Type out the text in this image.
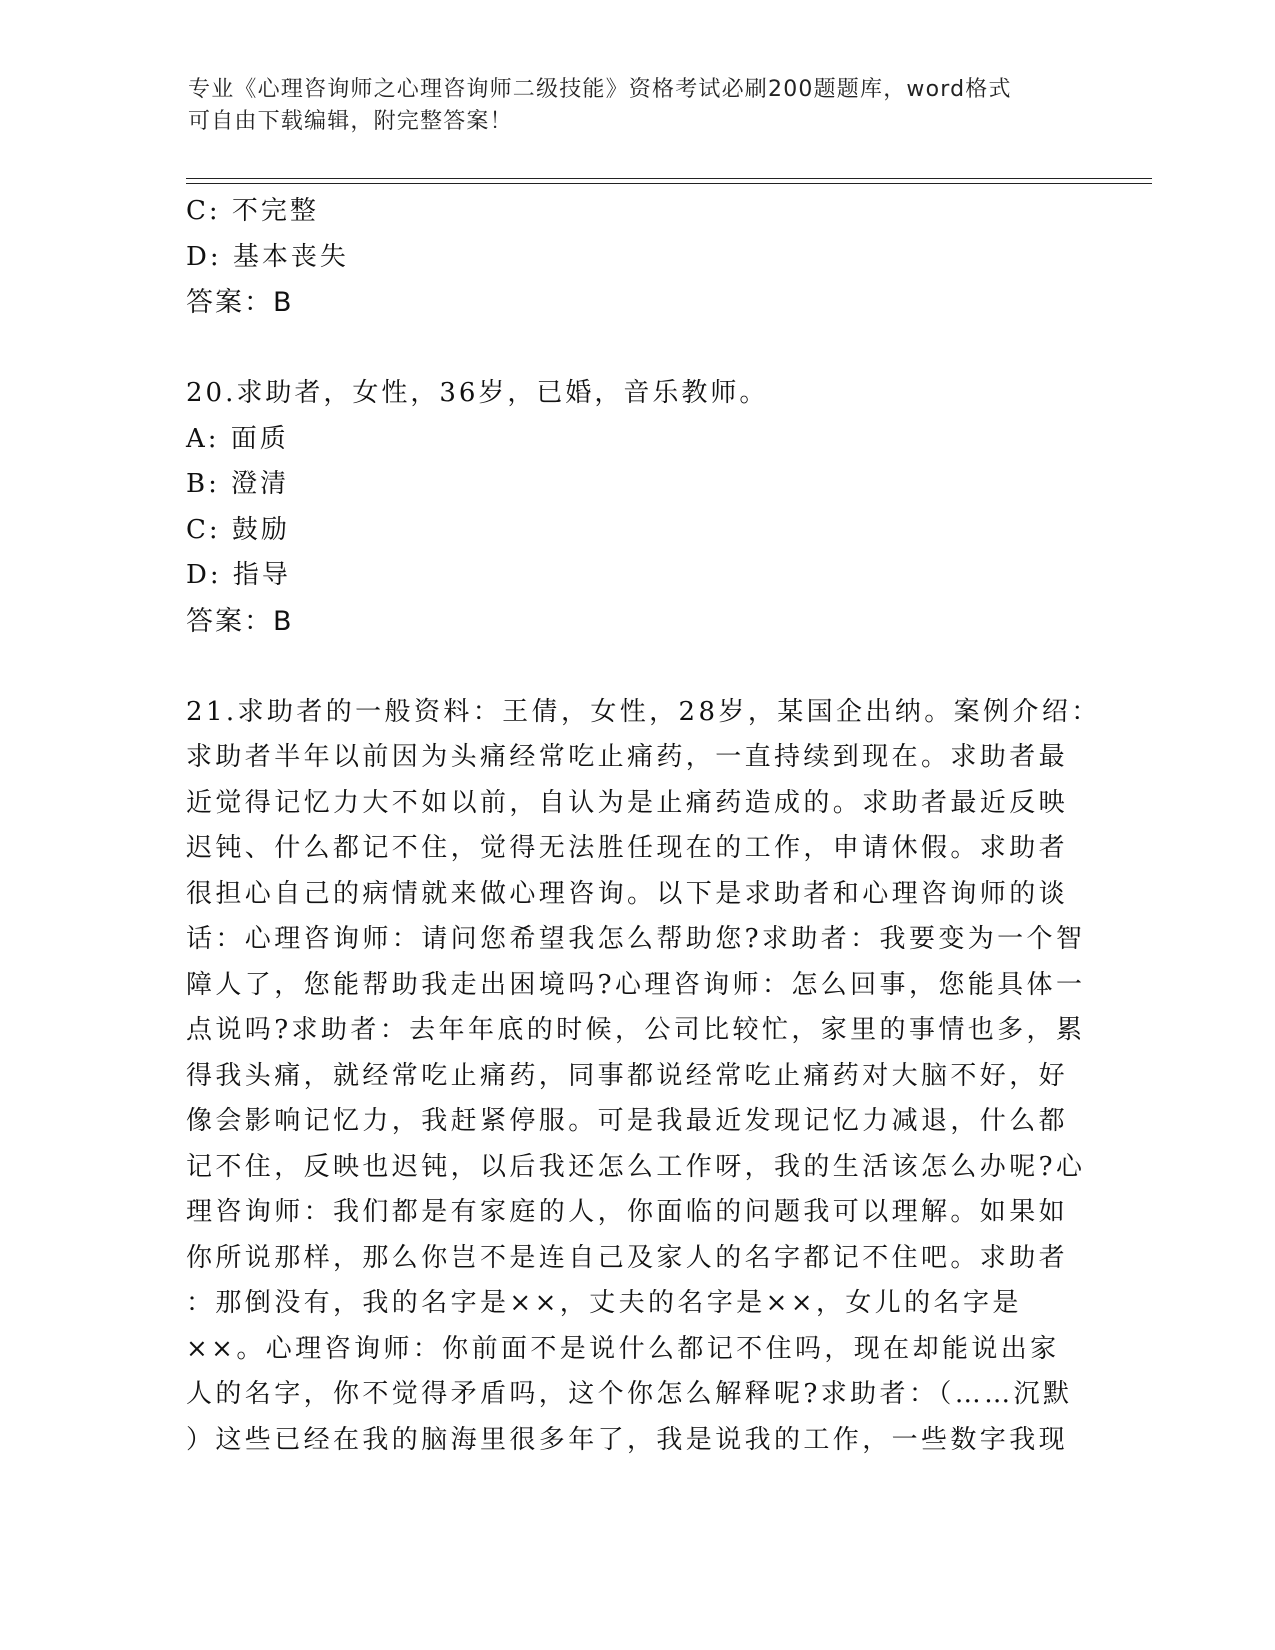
专业《心理咨询师之心理咨询师二级技能》资格考试必刷200题题库，word格式
可自由下载编辑，附完整答案！
C: 不完整
D: 基本丧失
答案：B
20.求助者，女性，36岁，已婚，音乐教师。
A: 面质
B: 澄清
C: 鼓励
D: 指导
答案：B
21.求助者的一般资料：王倩，女性，28岁，某国企出纳。案例介绍：
求助者半年以前因为头痛经常吃止痛药，一直持续到现在。求助者最
近觉得记忆力大不如以前，自认为是止痛药造成的。求助者最近反映
迟钝、什么都记不住，觉得无法胜任现在的工作，申请休假。求助者
很担心自己的病情就来做心理咨询。以下是求助者和心理咨询师的谈
话：心理咨询师：请问您希望我怎么帮助您?求助者：我要变为一个智
障人了，您能帮助我走出困境吗?心理咨询师：怎么回事，您能具体一
点说吗?求助者：去年年底的时候，公司比较忙，家里的事情也多，累
得我头痛，就经常吃止痛药，同事都说经常吃止痛药对大脑不好，好
像会影响记忆力，我赶紧停服。可是我最近发现记忆力减退，什么都
记不住，反映也迟钝，以后我还怎么工作呀，我的生活该怎么办呢?心
理咨询师：我们都是有家庭的人，你面临的问题我可以理解。如果如
你所说那样，那么你岂不是连自己及家人的名字都记不住吧。求助者
：那倒没有，我的名字是××，丈夫的名字是××，女儿的名字是
××。心理咨询师：你前面不是说什么都记不住吗，现在却能说出家
人的名字，你不觉得矛盾吗，这个你怎么解释呢?求助者：（……沉默
）这些已经在我的脑海里很多年了，我是说我的工作，一些数字我现
